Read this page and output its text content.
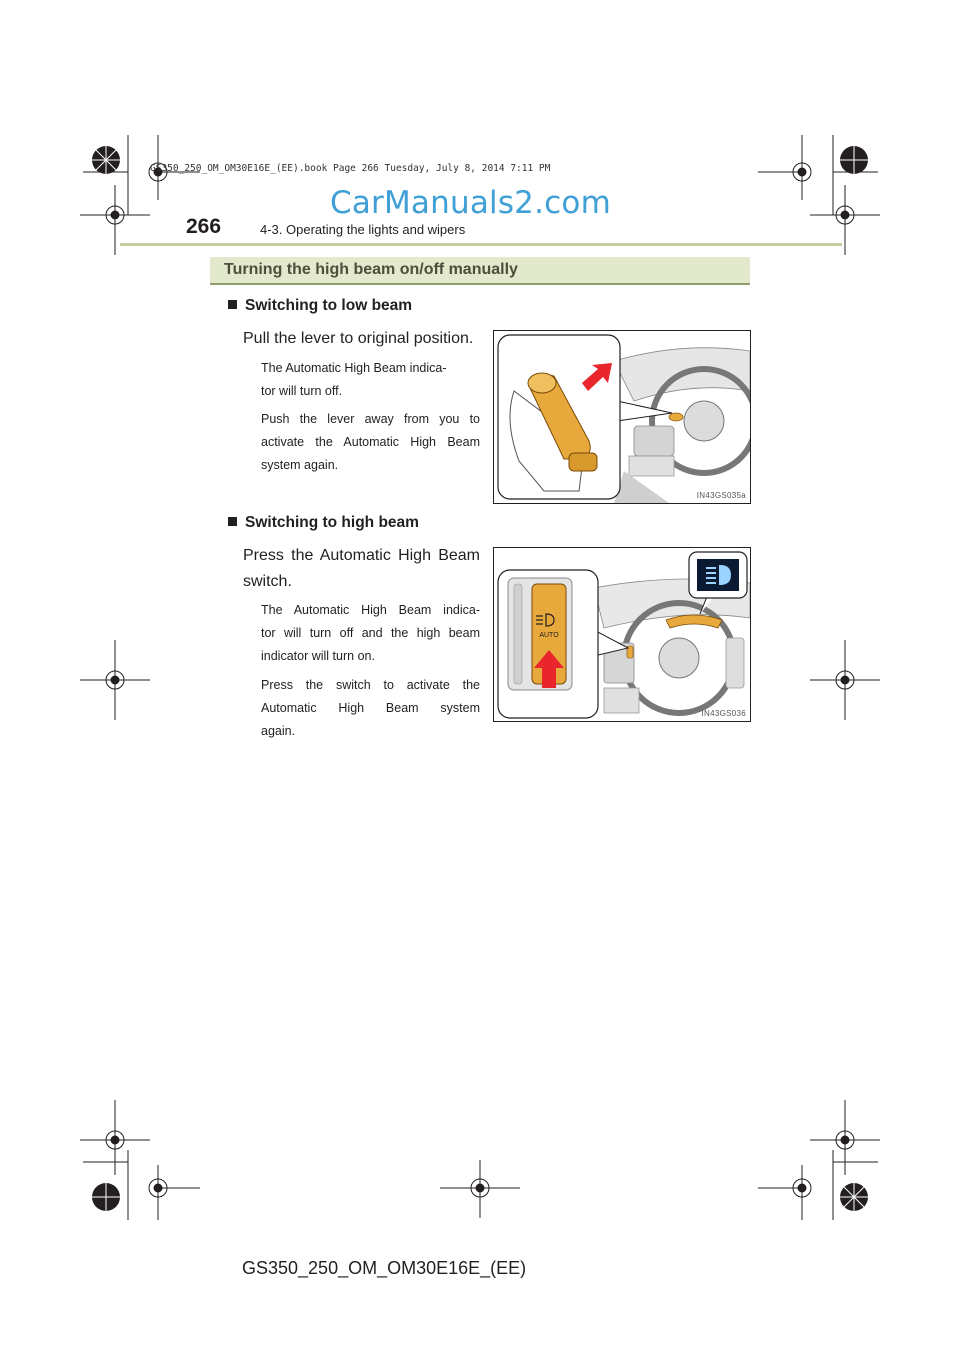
GS350_250_OM_OM30E16E_(EE).book Page 266 Tuesday, July 8, 2014 7:11 PM
CarManuals2.com
266	4-3. Operating the lights and wipers
Turning the high beam on/off manually
Switching to low beam
Pull the lever to original position.
The Automatic High Beam indica-
tor will turn off.
Push the lever away from you to
activate the Automatic High Beam
system again.
IN43GS035a
Switching to high beam
Press the Automatic High Beam
switch.
The Automatic High Beam indica-
tor will turn off and the high beam
indicator will turn on.
Press the switch to activate the
Automatic High Beam system
again.
AUTO
IN43GS036
GS350_250_OM_OM30E16E_(EE)
